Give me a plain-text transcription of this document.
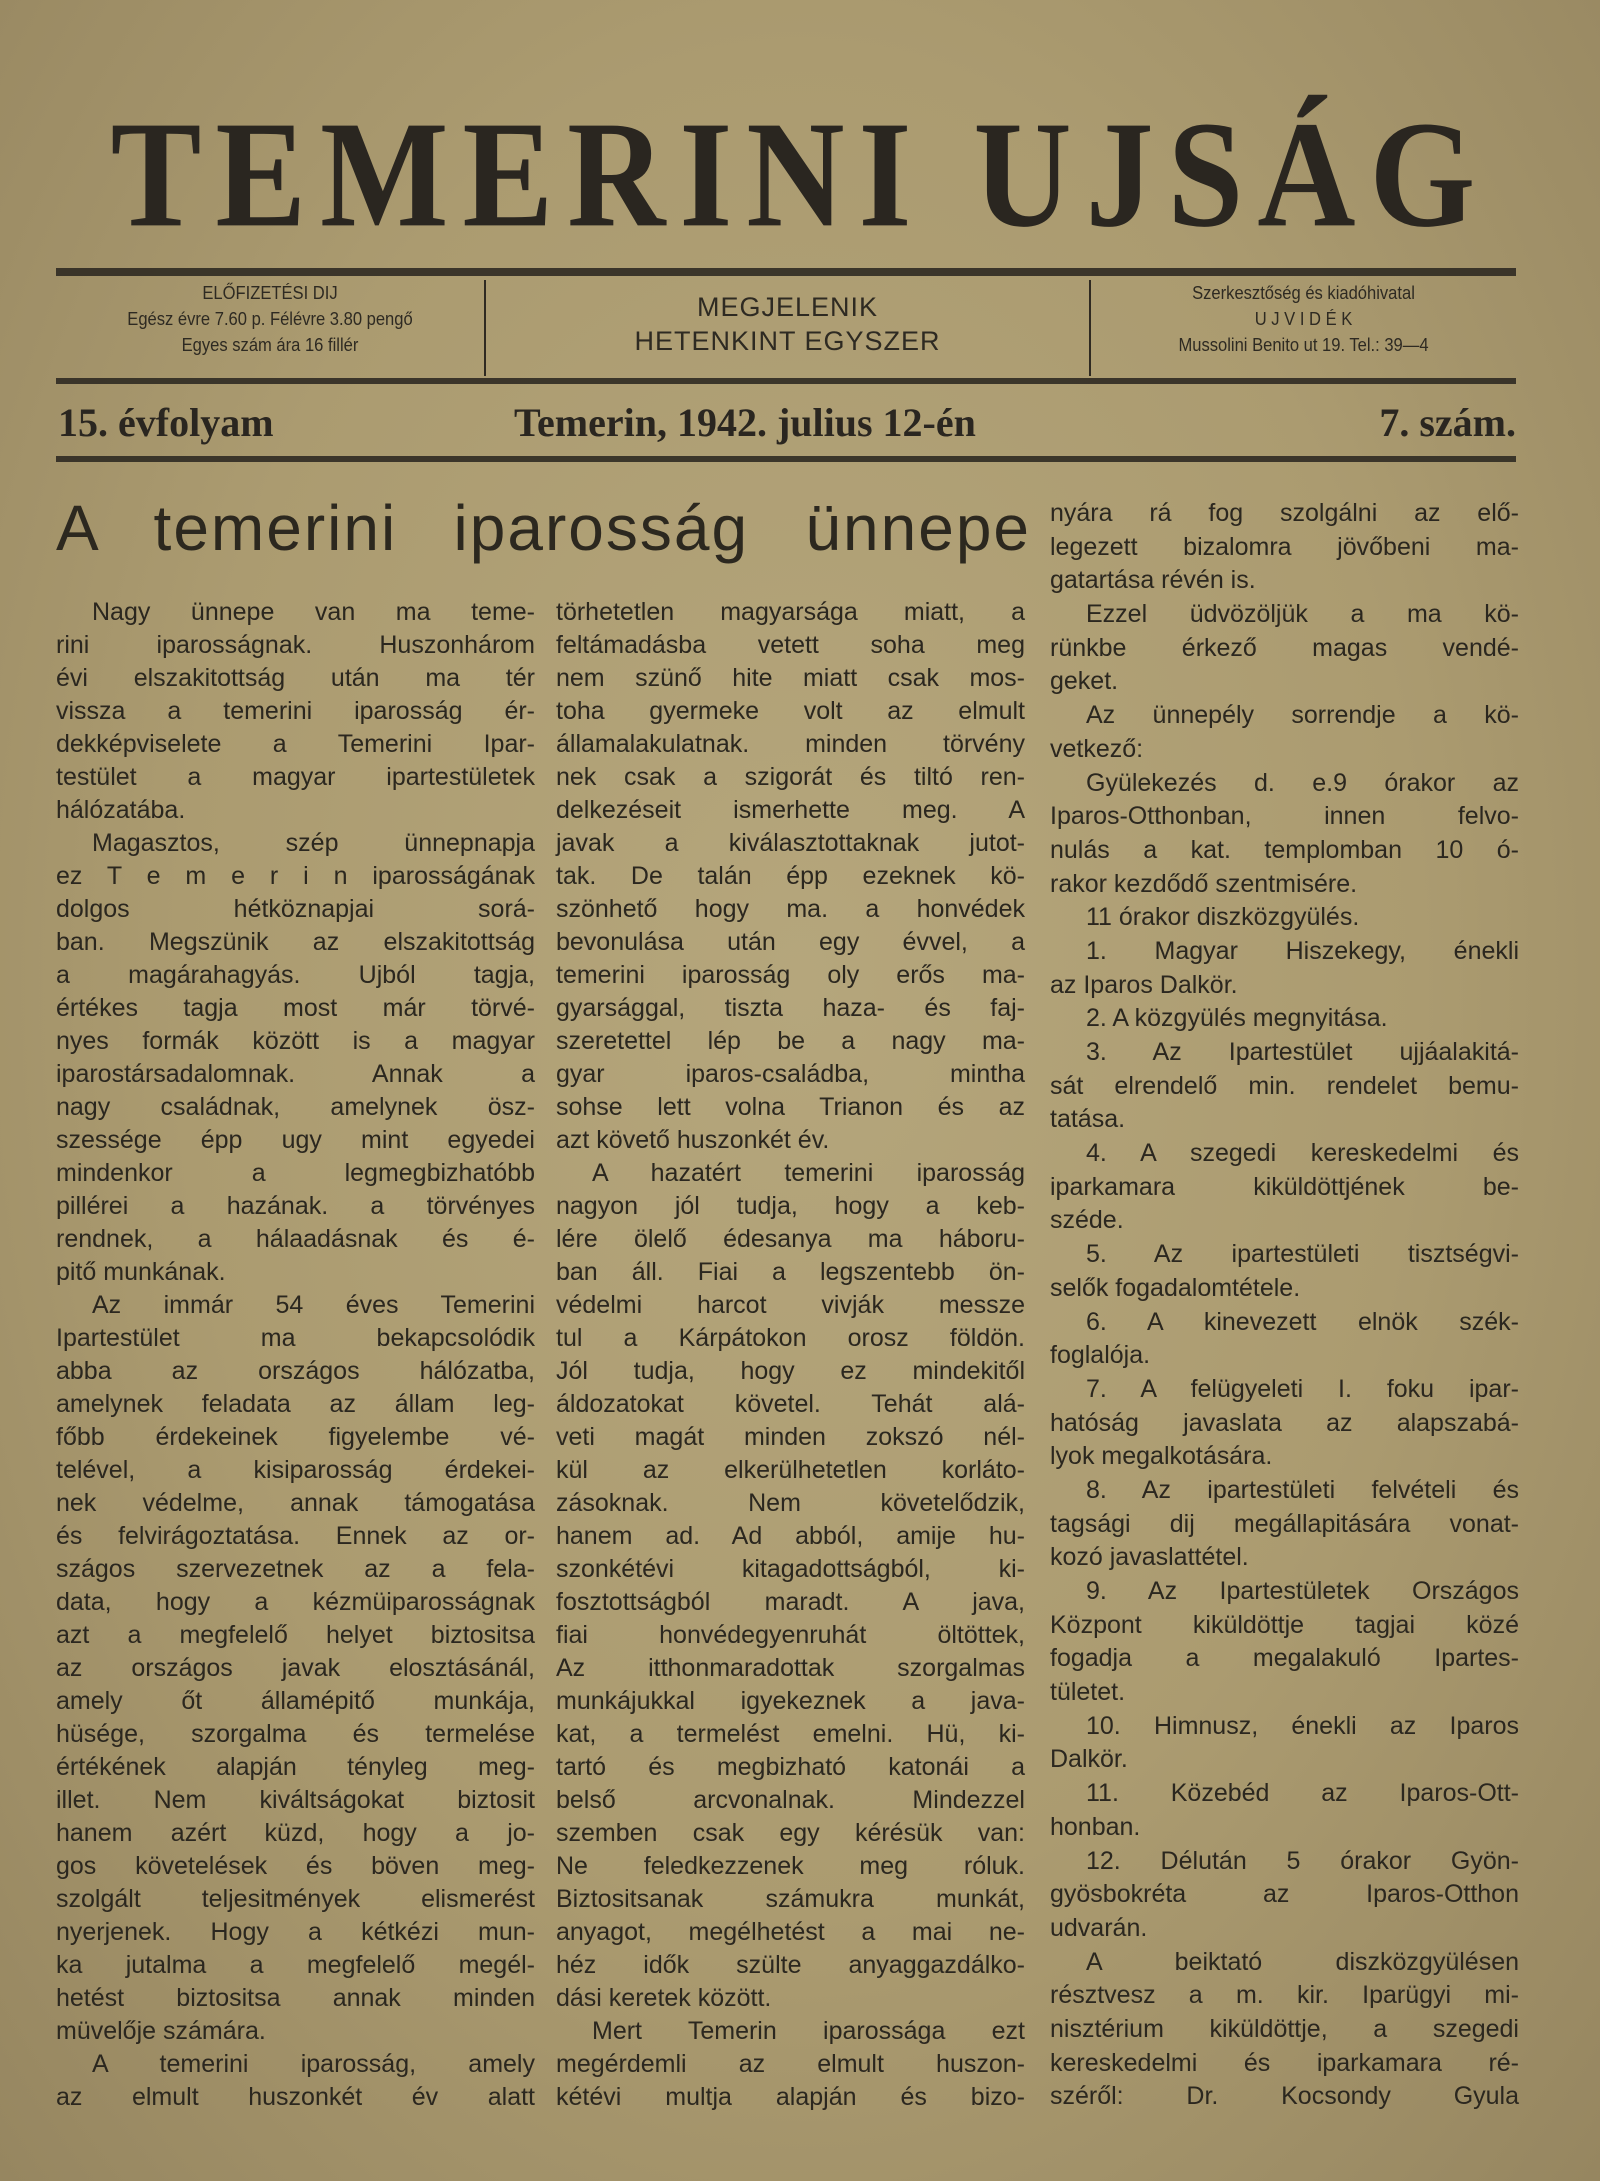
TEMERINI UJSÁG
ELŐFIZETÉSI DIJ
Egész évre 7.60 p. Félévre 3.80 pengő
Egyes szám ára 16 fillér
MEGJELENIK
HETENKINT EGYSZER
Szerkesztőség és kiadóhivatal
U J V I D É K
Mussolini Benito ut 19. Tel.: 39—4
15. évfolyam	Temerin, 1942. julius 12-én	7. szám.
A temerini iparosság ünnepe
Nagy ünnepe van ma teme-
rini iparosságnak. Huszonhárom
évi elszakitottság után ma tér
vissza a temerini iparosság ér-
dekképviselete a Temerini Ipar-
testület a magyar ipartestületek
hálózatába.
Magasztos, szép ünnepnapja
ez T e m e r i n iparosságának
dolgos hétköznapjai sorá-
ban. Megszünik az elszakitottság
a magárahagyás. Ujból tagja,
értékes tagja most már törvé-
nyes formák között is a magyar
iparostársadalomnak. Annak a
nagy családnak, amelynek ösz-
szessége épp ugy mint egyedei
mindenkor a legmegbizhatóbb
pillérei a hazának. a törvényes
rendnek, a hálaadásnak és é-
pitő munkának.
Az immár 54 éves Temerini
Ipartestület ma bekapcsolódik
abba az országos hálózatba,
amelynek feladata az állam leg-
főbb érdekeinek figyelembe vé-
telével, a kisiparosság érdekei-
nek védelme, annak támogatása
és felvirágoztatása. Ennek az or-
szágos szervezetnek az a fela-
data, hogy a kézmüiparosságnak
azt a megfelelő helyet biztositsa
az országos javak elosztásánál,
amely őt államépitő munkája,
hüsége, szorgalma és termelése
értékének alapján tényleg meg-
illet. Nem kiváltságokat biztosit
hanem azért küzd, hogy a jo-
gos követelések és böven meg-
szolgált teljesitmények elismerést
nyerjenek. Hogy a kétkézi mun-
ka jutalma a megfelelő megél-
hetést biztositsa annak minden
müvelője számára.
A temerini iparosság, amely
az elmult huszonkét év alatt
törhetetlen magyarsága miatt, a
feltámadásba vetett soha meg
nem szünő hite miatt csak mos-
toha gyermeke volt az elmult
államalakulatnak. minden törvény
nek csak a szigorát és tiltó ren-
delkezéseit ismerhette meg. A
javak a kiválasztottaknak jutot-
tak. De talán épp ezeknek kö-
szönhető hogy ma. a honvédek
bevonulása után egy évvel, a
temerini iparosság oly erős ma-
gyarsággal, tiszta haza- és faj-
szeretettel lép be a nagy ma-
gyar iparos-családba, mintha
sohse lett volna Trianon és az
azt követő huszonkét év.
A hazatért temerini iparosság
nagyon jól tudja, hogy a keb-
lére ölelő édesanya ma háboru-
ban áll. Fiai a legszentebb ön-
védelmi harcot vivják messze
tul a Kárpátokon orosz földön.
Jól tudja, hogy ez mindekitől
áldozatokat követel. Tehát alá-
veti magát minden zokszó nél-
kül az elkerülhetetlen korláto-
zásoknak. Nem követelődzik,
hanem ad. Ad abból, amije hu-
szonkétévi kitagadottságból, ki-
fosztottságból maradt. A java,
fiai honvédegyenruhát öltöttek,
Az itthonmaradottak szorgalmas
munkájukkal igyekeznek a java-
kat, a termelést emelni. Hü, ki-
tartó és megbizható katonái a
belső arcvonalnak. Mindezzel
szemben csak egy kérésük van:
Ne feledkezzenek meg róluk.
Biztositsanak számukra munkát,
anyagot, megélhetést a mai ne-
héz idők szülte anyaggazdálko-
dási keretek között.
Mert Temerin iparossága ezt
megérdemli az elmult huszon-
kétévi multja alapján és bizo-
nyára rá fog szolgálni az elő-
legezett bizalomra jövőbeni ma-
gatartása révén is.
Ezzel üdvözöljük a ma kö-
rünkbe érkező magas vendé-
geket.
Az ünnepély sorrendje a kö-
vetkező:
Gyülekezés d. e.9 órakor az
Iparos-Otthonban, innen felvo-
nulás a kat. templomban 10 ó-
rakor kezdődő szentmisére.
11 órakor diszközgyülés.
1. Magyar Hiszekegy, énekli
az Iparos Dalkör.
2. A közgyülés megnyitása.
3. Az Ipartestület ujjáalakitá-
sát elrendelő min. rendelet bemu-
tatása.
4. A szegedi kereskedelmi és
iparkamara kiküldöttjének be-
széde.
5. Az ipartestületi tisztségvi-
selők fogadalomtétele.
6. A kinevezett elnök szék-
foglalója.
7. A felügyeleti I. foku ipar-
hatóság javaslata az alapszabá-
lyok megalkotására.
8. Az ipartestületi felvételi és
tagsági dij megállapitására vonat-
kozó javaslattétel.
9. Az Ipartestületek Országos
Központ kiküldöttje tagjai közé
fogadja a megalakuló Ipartes-
tületet.
10. Himnusz, énekli az Iparos
Dalkör.
11. Közebéd az Iparos-Ott-
honban.
12. Délután 5 órakor Gyön-
gyösbokréta az Iparos-Otthon
udvarán.
A beiktató diszközgyülésen
résztvesz a m. kir. Iparügyi mi-
nisztérium kiküldöttje, a szegedi
kereskedelmi és iparkamara ré-
széről: Dr. Kocsondy Gyula
